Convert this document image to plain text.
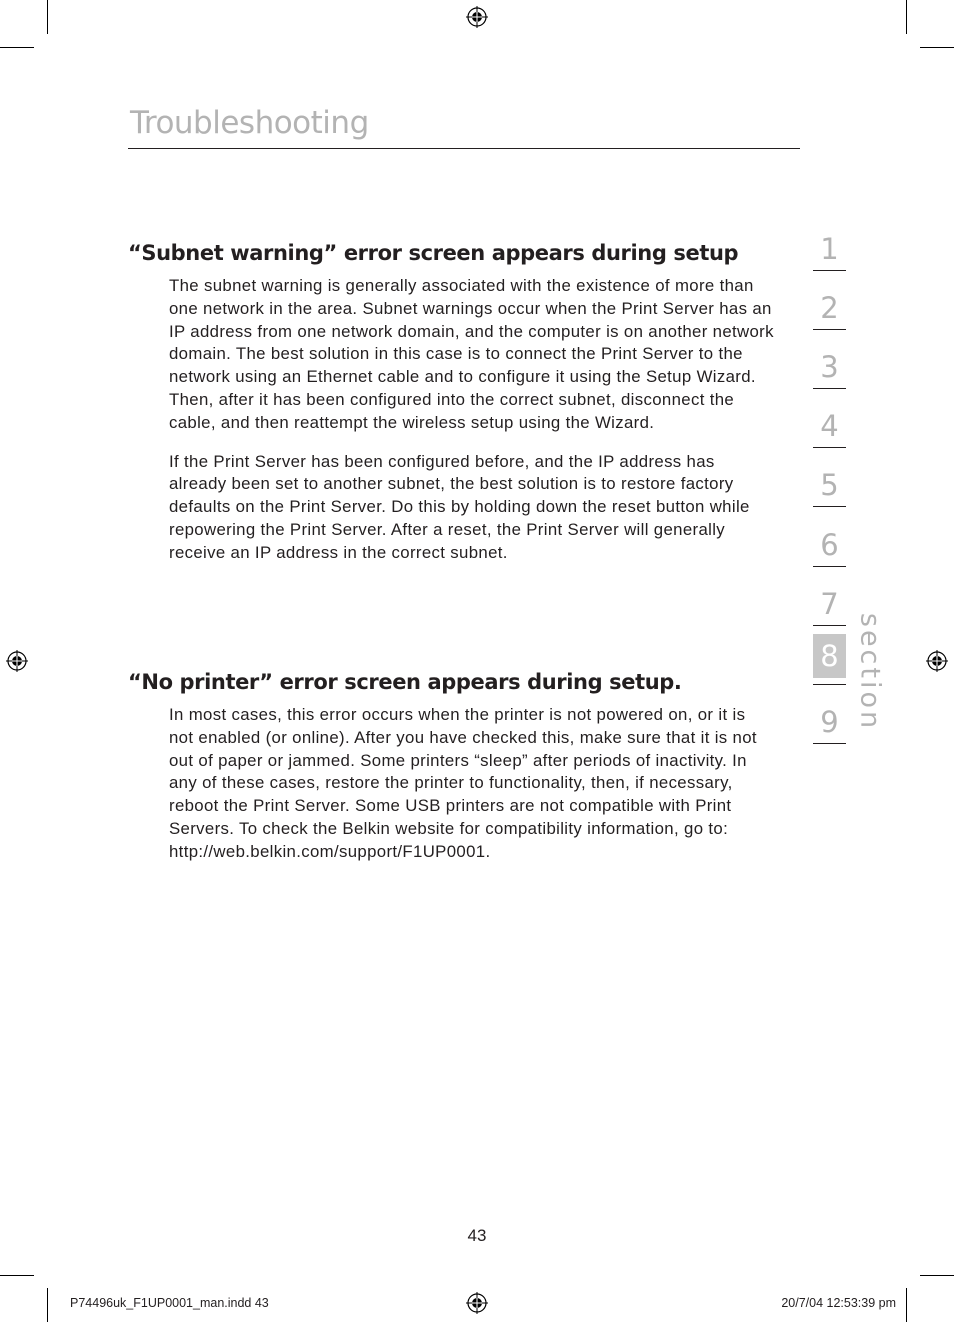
Troubleshooting
“Subnet warning” error screen appears during setup

The subnet warning is generally associated with the existence of more than one network in the area. Subnet warnings occur when the Print Server has an IP address from one network domain, and the computer is on another network domain. The best solution in this case is to connect the Print Server to the network using an Ethernet cable and to configure it using the Setup Wizard. Then, after it has been configured into the correct subnet, disconnect the cable, and then reattempt the wireless setup using the Wizard.

If the Print Server has been configured before, and the IP address has already been set to another subnet, the best solution is to restore factory defaults on the Print Server. Do this by holding down the reset button while repowering the Print Server. After a reset, the Print Server will generally receive an IP address in the correct subnet.

“No printer” error screen appears during setup.

In most cases, this error occurs when the printer is not powered on, or it is not enabled (or online). After you have checked this, make sure that it is not out of paper or jammed. Some printers “sleep” after periods of inactivity. In any of these cases, restore the printer to functionality, then, if necessary, reboot the Print Server. Some USB printers are not compatible with Print Servers. To check the Belkin website for compatibility information, go to: http://web.belkin.com/support/F1UP0001.

1
2
3
4
5
6
7
8
9 section
43
P74496uk_F1UP0001_man.indd 43	20/7/04 12:53:39 pm
